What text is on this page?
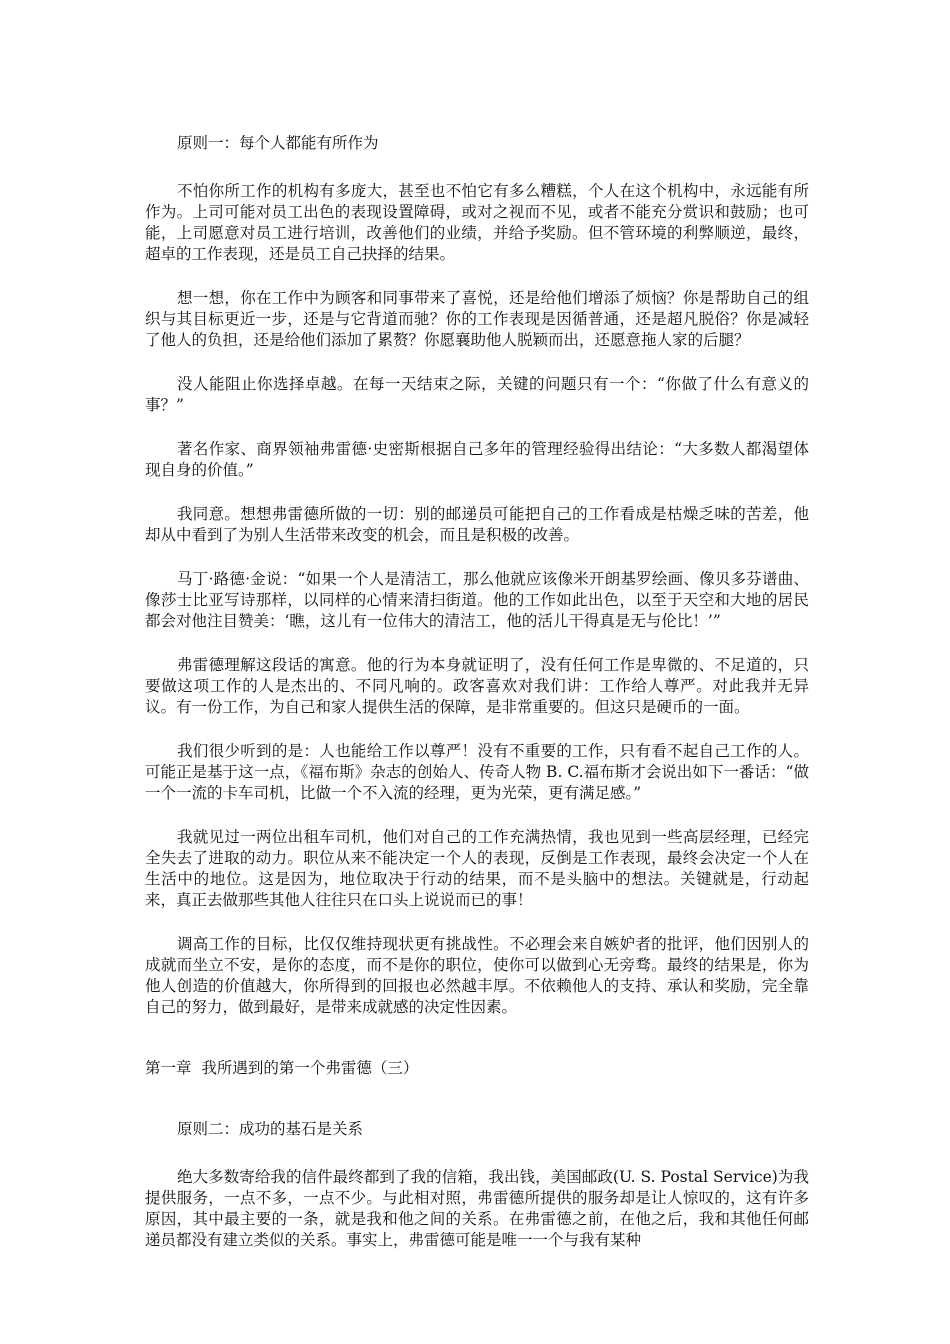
原则一：每个人都能有所作为

不怕你所工作的机构有多庞大，甚至也不怕它有多么糟糕，个人在这个机构中，永远能有所作为。上司可能对员工出色的表现设置障碍，或对之视而不见，或者不能充分赏识和鼓励；也可能，上司愿意对员工进行培训，改善他们的业绩，并给予奖励。但不管环境的利弊顺逆，最终，超卓的工作表现，还是员工自己抉择的结果。

想一想，你在工作中为顾客和同事带来了喜悦，还是给他们增添了烦恼？你是帮助自己的组织与其目标更近一步，还是与它背道而驰？你的工作表现是因循普通，还是超凡脱俗？你是减轻了他人的负担，还是给他们添加了累赘？你愿襄助他人脱颖而出，还愿意拖人家的后腿？

没人能阻止你选择卓越。在每一天结束之际，关键的问题只有一个：“你做了什么有意义的事？”

著名作家、商界领袖弗雷德·史密斯根据自己多年的管理经验得出结论：“大多数人都渴望体现自身的价值。”

我同意。想想弗雷德所做的一切：别的邮递员可能把自己的工作看成是枯燥乏味的苦差，他却从中看到了为别人生活带来改变的机会，而且是积极的改善。

马丁·路德·金说：“如果一个人是清洁工，那么他就应该像米开朗基罗绘画、像贝多芬谱曲、像莎士比亚写诗那样，以同样的心情来清扫街道。他的工作如此出色，以至于天空和大地的居民都会对他注目赞美：‘瞧，这儿有一位伟大的清洁工，他的活儿干得真是无与伦比！’”

弗雷德理解这段话的寓意。他的行为本身就证明了，没有任何工作是卑微的、不足道的，只要做这项工作的人是杰出的、不同凡响的。政客喜欢对我们讲：工作给人尊严。对此我并无异议。有一份工作，为自己和家人提供生活的保障，是非常重要的。但这只是硬币的一面。

我们很少听到的是：人也能给工作以尊严！没有不重要的工作，只有看不起自己工作的人。可能正是基于这一点，《福布斯》杂志的创始人、传奇人物 B. C.福布斯才会说出如下一番话：“做一个一流的卡车司机，比做一个不入流的经理，更为光荣，更有满足感。”

我就见过一两位出租车司机，他们对自己的工作充满热情，我也见到一些高层经理，已经完全失去了进取的动力。职位从来不能决定一个人的表现，反倒是工作表现，最终会决定一个人在生活中的地位。这是因为，地位取决于行动的结果，而不是头脑中的想法。关键就是，行动起来，真正去做那些其他人往往只在口头上说说而已的事！

调高工作的目标，比仅仅维持现状更有挑战性。不必理会来自嫉妒者的批评，他们因别人的成就而坐立不安，是你的态度，而不是你的职位，使你可以做到心无旁骛。最终的结果是，你为他人创造的价值越大，你所得到的回报也必然越丰厚。不依赖他人的支持、承认和奖励，完全靠自己的努力，做到最好，是带来成就感的决定性因素。

第一章  我所遇到的第一个弗雷德（三）
原则二：成功的基石是关系

绝大多数寄给我的信件最终都到了我的信箱，我出钱，美国邮政(U. S. Postal Service)为我提供服务，一点不多，一点不少。与此相对照，弗雷德所提供的服务却是让人惊叹的，这有许多原因，其中最主要的一条，就是我和他之间的关系。在弗雷德之前，在他之后，我和其他任何邮递员都没有建立类似的关系。事实上，弗雷德可能是唯一一个与我有某种
